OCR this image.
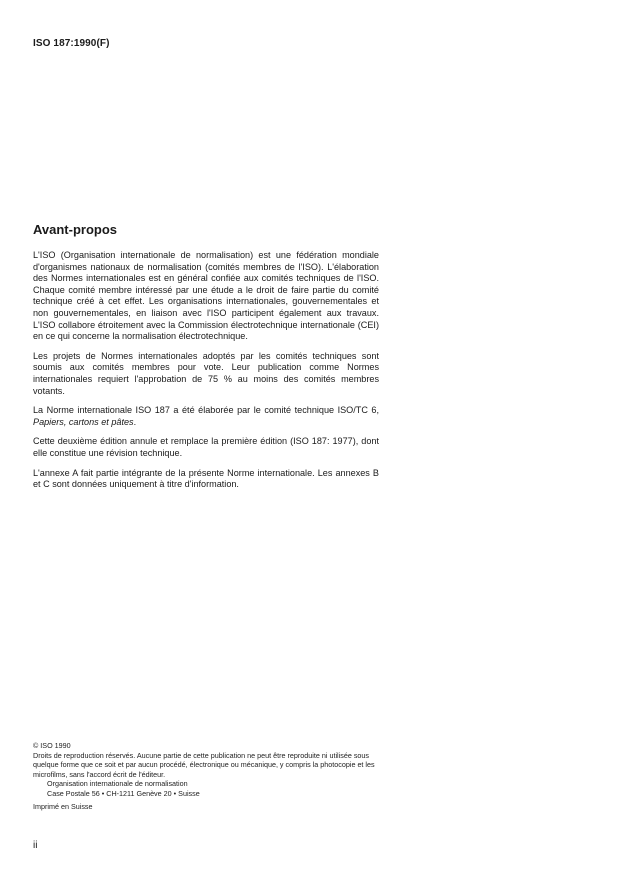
ISO 187:1990(F)
Avant-propos

L'ISO (Organisation internationale de normalisation) est une fédération mondiale d'organismes nationaux de normalisation (comités membres de l'ISO). L'élaboration des Normes internationales est en général confiée aux comités techniques de l'ISO. Chaque comité membre intéressé par une étude a le droit de faire partie du comité technique créé à cet effet. Les organisations internationales, gouvernementales et non gouvernementales, en liaison avec l'ISO participent également aux travaux. L'ISO collabore étroitement avec la Commission électrotechnique internationale (CEI) en ce qui concerne la normalisation électrotechnique.

Les projets de Normes internationales adoptés par les comités techniques sont soumis aux comités membres pour vote. Leur publication comme Normes internationales requiert l'approbation de 75 % au moins des comités membres votants.

La Norme internationale ISO 187 a été élaborée par le comité technique ISO/TC 6, Papiers, cartons et pâtes.

Cette deuxième édition annule et remplace la première édition (ISO 187: 1977), dont elle constitue une révision technique.

L'annexe A fait partie intégrante de la présente Norme internationale. Les annexes B et C sont données uniquement à titre d'information.

© ISO 1990

Droits de reproduction réservés. Aucune partie de cette publication ne peut être reproduite ni utilisée sous quelque forme que ce soit et par aucun procédé, électronique ou mécanique, y compris la photocopie et les microfilms, sans l'accord écrit de l'éditeur.

Organisation internationale de normalisation

Case Postale 56 • CH-1211 Genève 20 • Suisse

Imprimé en Suisse

ii
